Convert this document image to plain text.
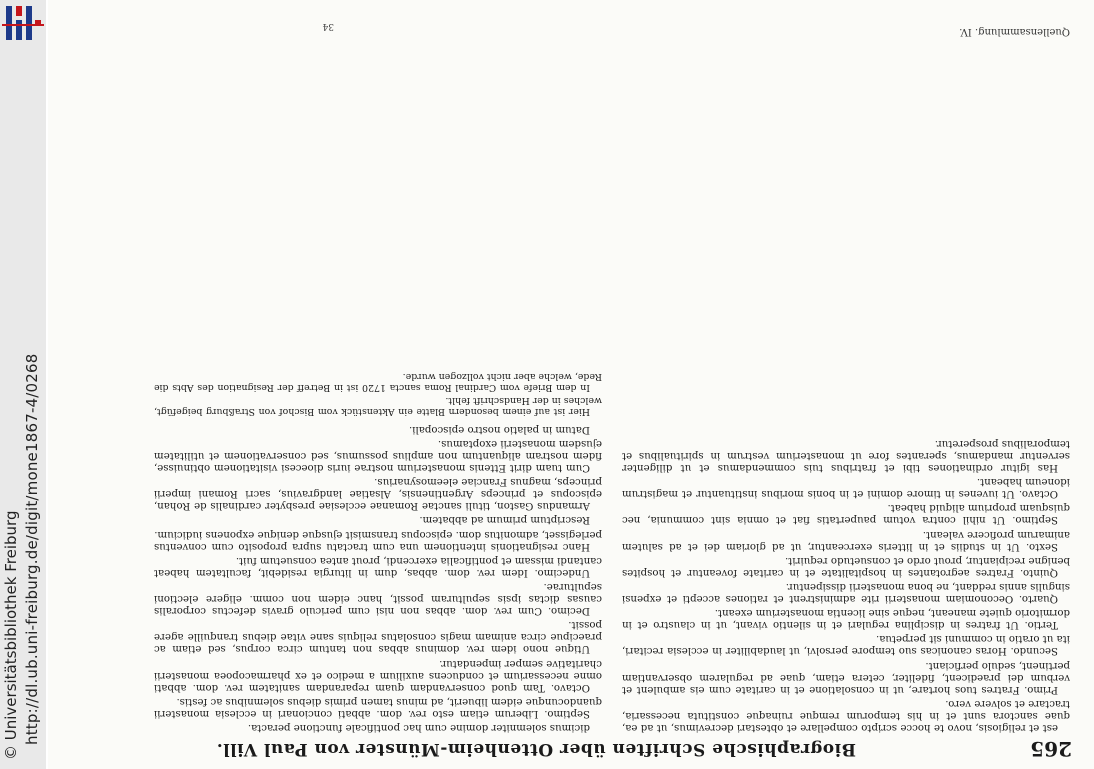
http://dl.ub.uni-freiburg.de/digit/mone1867-4/0268
© Universitätsbibliothek Freiburg	Biographische Schriften über Ottenheim-Münster von Paul Vill.	265

est et religiosis, novo te hocce scripto compellare et obtestari decrevimus, ut ad ea, quae sanctora sunt et in his temporum remque ruinaque constituta necessaria, tractare et solvere vero.

Primo. Fratres tuos hortare, ut in consolatione et in caritate cum eis ambulent et verbum dei praedicent, fideliter, cetera etiam, quae ad regularem observantiam pertinent, sedulo perficiant.

Secundo. Horas canonicas suo tempore persolvi, ut laudabiliter in ecclesia recitari, ita ut oratio in communi sit perpetua.

Tertio. Ut fratres in disciplina regulari et in silentio vivant, ut in claustro et in dormitorio quiete maneant, neque sine licentia monasterium exeant.

Quarto. Oeconomiam monasterii rite administrent et rationes accepti et expensi singulis annis reddant, ne bona monasterii dissipentur.

Quinto. Fratres aegrotantes in hospitalitate et in caritate foveantur et hospites benigne recipiantur, prout ordo et consuetudo requirit.

Sexto. Ut in studiis et in litteris exerceantur, ut ad gloriam dei et ad salutem animarum proficere valeant.

Septimo. Ut nihil contra votum paupertatis fiat et omnia sint communia, nec quisquam proprium aliquid habeat.

Octavo. Ut iuvenes in timore domini et in bonis moribus instituantur et magistrum idoneum habeant.

Has igitur ordinationes tibi et fratribus tuis commendamus et ut diligenter serventur mandamus, sperantes fore ut monasterium vestrum in spiritualibus et temporalibus prosperetur.

dicimus solemniter domine cum hac pontificale functione peracta.

Septimo. Liberum etiam esto rev. dom. abbati concionari in ecclesia monasterii quandocunque eidem libuerit, ad minus tamen primis diebus solemnibus ac festis.

Octavo. Tam quod conservandam quam reparandam sanitatem rev. dom. abbati omne necessarium et conducens auxilium a medico et ex pharmacopoea monasterii charitative semper impendatur.

Utique nono idem rev. dominus abbas non tantum circa corpus, sed etiam ac praecipue circa animam magis consolatus reliquis sane vitae diebus tranquille agere possit.

Decimo. Cum rev. dom. abbas non nisi cum periculo gravis defectus corporalis causas dictas ipsis sepulturam possit, hanc eidem non comm. eligere electioni sepulturae.

Undecimo. Idem rev. dom. abbas, dum in liturgia residebit, facultatem habeat cantandi missam et pontificalia exercendi, prout antea consuetum fuit.

Hanc resignationis intentionem una cum tractatu supra proposito cum conventus perlegisset, admonitus dom. episcopus transmisit ejusque denique exponens iudicium.

Rescriptum primum ad abbatem.

Armandus Gaston, tituli sanctae Romanae ecclesiae presbyter cardinalis de Rohan, episcopus et princeps Argentinensis, Alsatiae landgravius, sacri Romani imperii princeps, magnus Franciae eleemosynarius.

Cum tuam dirit Ettenis monasterium nostrae iuris dioecesi visitationem obtinuisse, fidem nostram aliquantum non amplius possumus, sed conservationem et utilitatem ejusdem monasterii exoptamus.

Datum in palatio nostro episcopali.

Hier ist auf einem besondern Blatte ein Aktenstück vom Bischof von Straßburg beigefügt, welches in der Handschrift fehlt.

In dem Briefe vom Cardinal Roma sancta 1720 ist in Betreff der Resignation des Abts die Rede, welche aber nicht vollzogen wurde.

Quellensammlung. IV.
34
